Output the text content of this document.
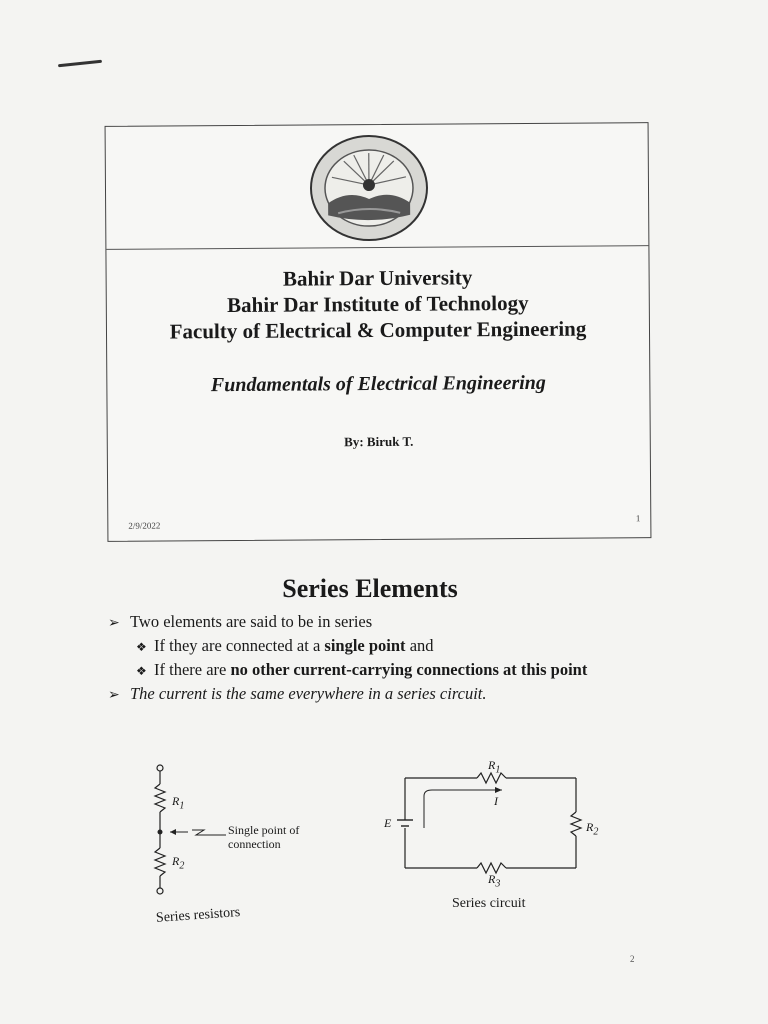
Bahir Dar University
Bahir Dar Institute of Technology
Faculty of Electrical & Computer Engineering
Fundamentals of Electrical Engineering
By: Biruk T.
2/9/2022
1
Series Elements
➢ Two elements are said to be in series
❖ If they are connected at a single point and
❖ If there are no other current-carrying connections at this point
➢ The current is the same everywhere in a series circuit.
$R_1$
$R_2$
Single point of
connection
Series resistors
$R_1$
I
E	$R_2$
$R_3$
Series circuit
2
